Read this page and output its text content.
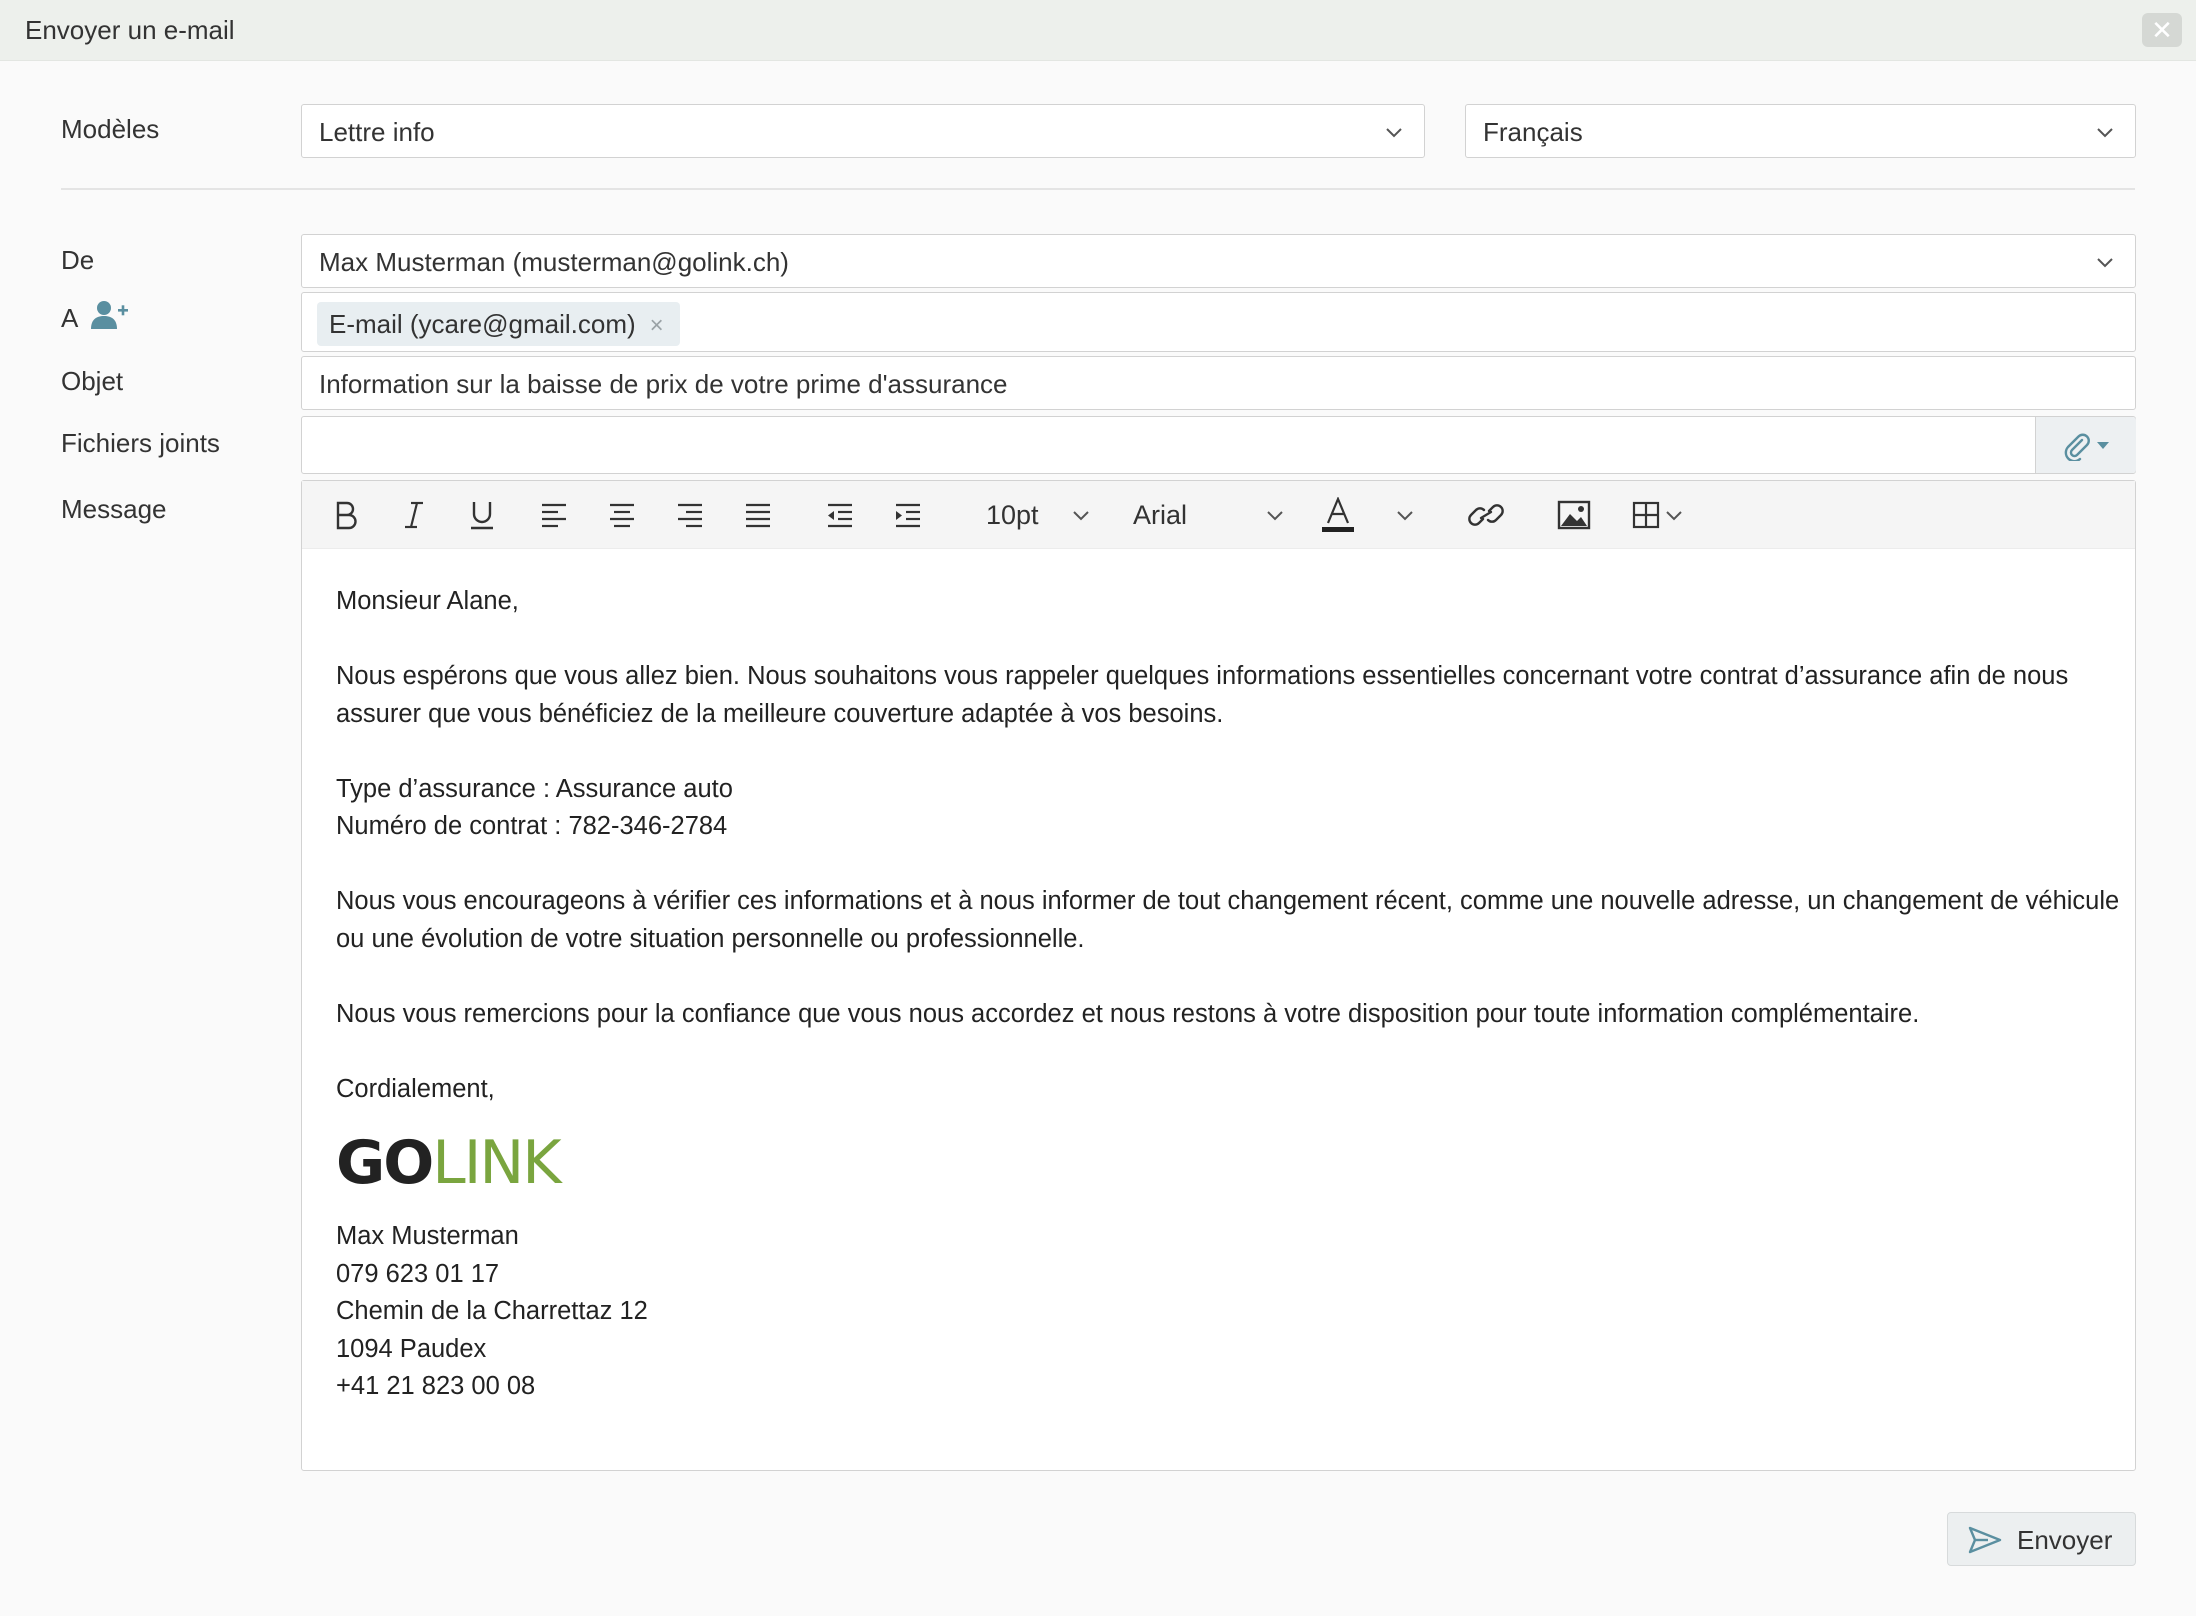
Envoyer un e-mail	✕
Modèles	Lettre info	Français
De	Max Musterman (musterman@golink.ch)
A	E-mail (ycare@gmail.com) ×
Objet	Information sur la baisse de prix de votre prime d'assurance
Fichiers joints
Message	10pt	Arial

Monsieur Alane,

Nous espérons que vous allez bien. Nous souhaitons vous rappeler quelques informations essentielles concernant votre contrat d’assurance afin de nous assurer que vous bénéficiez de la meilleure couverture adaptée à vos besoins.

Type d’assurance : Assurance auto

Numéro de contrat : 782-346-2784

Nous vous encourageons à vérifier ces informations et à nous informer de tout changement récent, comme une nouvelle adresse, un changement de véhicule ou une évolution de votre situation personnelle ou professionnelle.

Nous vous remercions pour la confiance que vous nous accordez et nous restons à votre disposition pour toute information complémentaire.

Cordialement,

GOLINK

Max Musterman

079 623 01 17

Chemin de la Charrettaz 12

1094 Paudex

+41 21 823 00 08

Envoyer
